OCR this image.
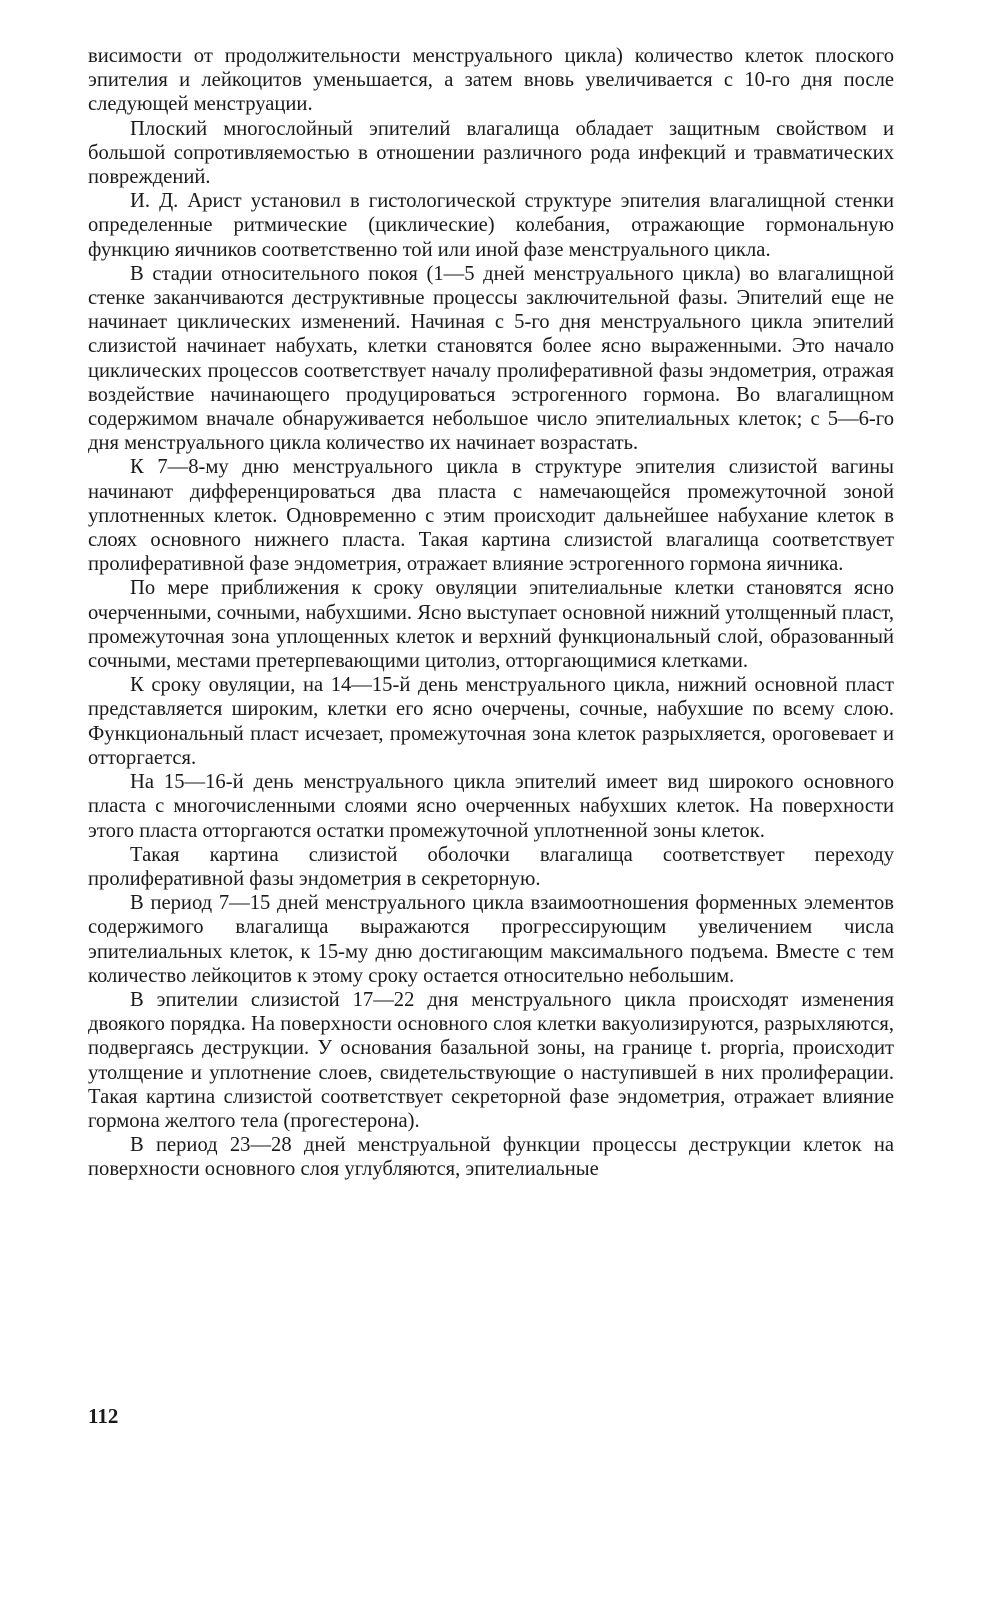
висимости от продолжительности менструального цикла) количество клеток плоского эпителия и лейкоцитов уменьшается, а затем вновь увеличивается с 10-го дня после следующей менструации.

Плоский многослойный эпителий влагалища обладает защитным свойством и большой сопротивляемостью в отношении различного рода инфекций и травматических повреждений.

И. Д. Арист установил в гистологической структуре эпителия влагалищной стенки определенные ритмические (циклические) колебания, отражающие гормональную функцию яичников соответственно той или иной фазе менструального цикла.

В стадии относительного покоя (1—5 дней менструального цикла) во влагалищной стенке заканчиваются деструктивные процессы заключительной фазы. Эпителий еще не начинает циклических изменений. Начиная с 5-го дня менструального цикла эпителий слизистой начинает набухать, клетки становятся более ясно выраженными. Это начало циклических процессов соответствует началу пролиферативной фазы эндометрия, отражая воздействие начинающего продуцироваться эстрогенного гормона. Во влагалищном содержимом вначале обнаруживается небольшое число эпителиальных клеток; с 5—6-го дня менструального цикла количество их начинает возрастать.

К 7—8-му дню менструального цикла в структуре эпителия слизистой вагины начинают дифференцироваться два пласта с намечающейся промежуточной зоной уплотненных клеток. Одновременно с этим происходит дальнейшее набухание клеток в слоях основного нижнего пласта. Такая картина слизистой влагалища соответствует пролиферативной фазе эндометрия, отражает влияние эстрогенного гормона яичника.

По мере приближения к сроку овуляции эпителиальные клетки становятся ясно очерченными, сочными, набухшими. Ясно выступает основной нижний утолщенный пласт, промежуточная зона уплощенных клеток и верхний функциональный слой, образованный сочными, местами претерпевающими цитолиз, отторгающимися клетками.

К сроку овуляции, на 14—15-й день менструального цикла, нижний основной пласт представляется широким, клетки его ясно очерчены, сочные, набухшие по всему слою. Функциональный пласт исчезает, промежуточная зона клеток разрыхляется, ороговевает и отторгается.

На 15—16-й день менструального цикла эпителий имеет вид широкого основного пласта с многочисленными слоями ясно очерченных набухших клеток. На поверхности этого пласта отторгаются остатки промежуточной уплотненной зоны клеток.

Такая картина слизистой оболочки влагалища соответствует переходу пролиферативной фазы эндометрия в секреторную.

В период 7—15 дней менструального цикла взаимоотношения форменных элементов содержимого влагалища выражаются прогрессирующим увеличением числа эпителиальных клеток, к 15-му дню достигающим максимального подъема. Вместе с тем количество лейкоцитов к этому сроку остается относительно небольшим.

В эпителии слизистой 17—22 дня менструального цикла происходят изменения двоякого порядка. На поверхности основного слоя клетки вакуолизируются, разрыхляются, подвергаясь деструкции. У основания базальной зоны, на границе t. propria, происходит утолщение и уплотнение слоев, свидетельствующие о наступившей в них пролиферации. Такая картина слизистой соответствует секреторной фазе эндометрия, отражает влияние гормона желтого тела (прогестерона).

В период 23—28 дней менструальной функции процессы деструкции клеток на поверхности основного слоя углубляются, эпителиальные

112
